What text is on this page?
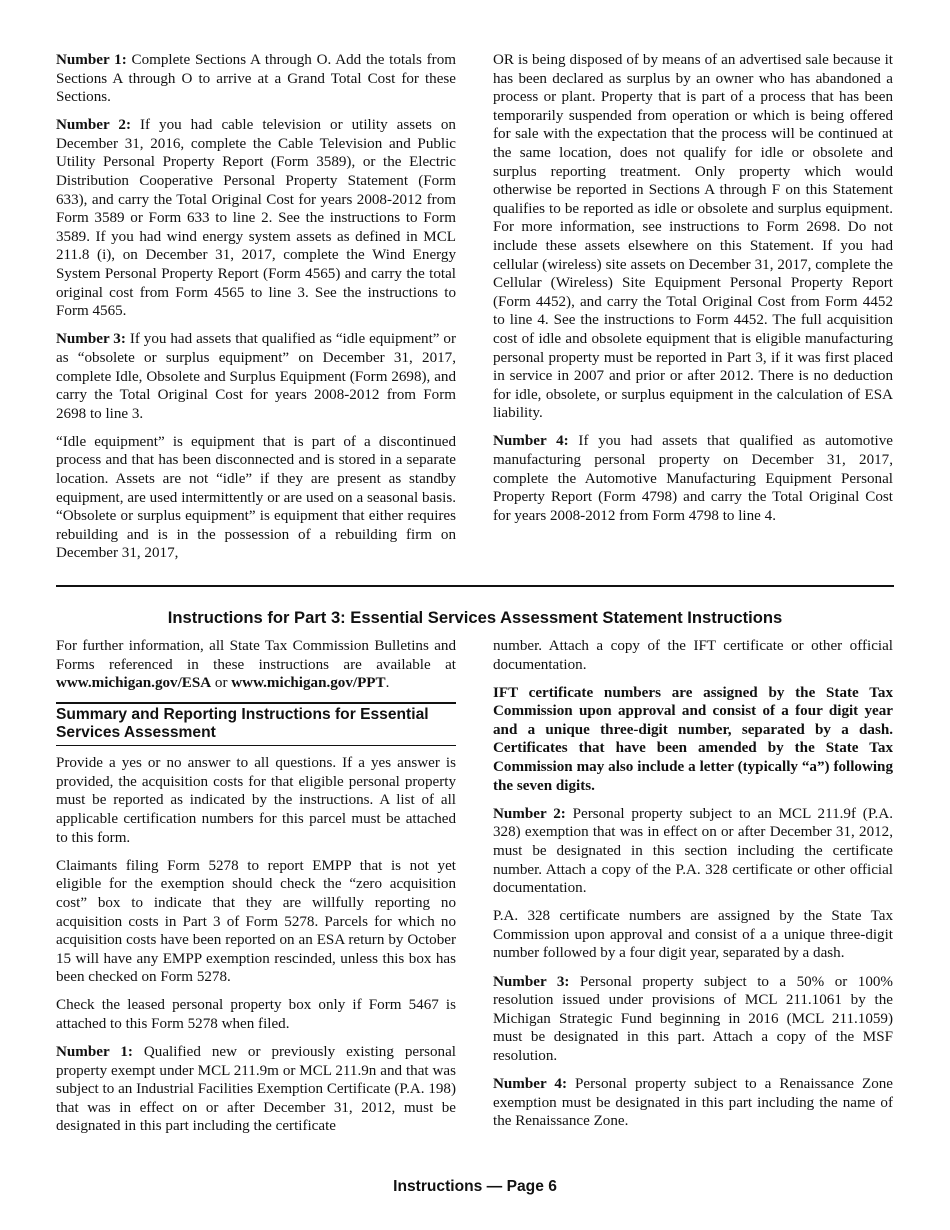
Number 1: Complete Sections A through O. Add the totals from Sections A through O to arrive at a Grand Total Cost for these Sections.

Number 2: If you had cable television or utility assets on December 31, 2016, complete the Cable Television and Public Utility Personal Property Report (Form 3589), or the Electric Distribution Cooperative Personal Property Statement (Form 633), and carry the Total Original Cost for years 2008-2012 from Form 3589 or Form 633 to line 2. See the instructions to Form 3589. If you had wind energy system assets as defined in MCL 211.8 (i), on December 31, 2017, complete the Wind Energy System Personal Property Report (Form 4565) and carry the total original cost from Form 4565 to line 3. See the instructions to Form 4565.

Number 3: If you had assets that qualified as “idle equipment” or as “obsolete or surplus equipment” on December 31, 2017, complete Idle, Obsolete and Surplus Equipment (Form 2698), and carry the Total Original Cost for years 2008-2012 from Form 2698 to line 3.

“Idle equipment” is equipment that is part of a discontinued process and that has been disconnected and is stored in a separate location. Assets are not “idle” if they are present as standby equipment, are used intermittently or are used on a seasonal basis. “Obsolete or surplus equipment” is equipment that either requires rebuilding and is in the possession of a rebuilding firm on December 31, 2017,

OR is being disposed of by means of an advertised sale because it has been declared as surplus by an owner who has abandoned a process or plant. Property that is part of a process that has been temporarily suspended from operation or which is being offered for sale with the expectation that the process will be continued at the same location, does not qualify for idle or obsolete and surplus reporting treatment. Only property which would otherwise be reported in Sections A through F on this Statement qualifies to be reported as idle or obsolete and surplus equipment. For more information, see instructions to Form 2698. Do not include these assets elsewhere on this Statement. If you had cellular (wireless) site assets on December 31, 2017, complete the Cellular (Wireless) Site Equipment Personal Property Report (Form 4452), and carry the Total Original Cost from Form 4452 to line 4. See the instructions to Form 4452. The full acquisition cost of idle and obsolete equipment that is eligible manufacturing personal property must be reported in Part 3, if it was first placed in service in 2007 and prior or after 2012. There is no deduction for idle, obsolete, or surplus equipment in the calculation of ESA liability.

Number 4: If you had assets that qualified as automotive manufacturing personal property on December 31, 2017, complete the Automotive Manufacturing Equipment Personal Property Report (Form 4798) and carry the Total Original Cost for years 2008-2012 from Form 4798 to line 4.

Instructions for Part 3: Essential Services Assessment Statement Instructions

For further information, all State Tax Commission Bulletins and Forms referenced in these instructions are available at www.michigan.gov/ESA or www.michigan.gov/PPT.

Summary and Reporting Instructions for Essential Services Assessment

Provide a yes or no answer to all questions. If a yes answer is provided, the acquisition costs for that eligible personal property must be reported as indicated by the instructions. A list of all applicable certification numbers for this parcel must be attached to this form.

Claimants filing Form 5278 to report EMPP that is not yet eligible for the exemption should check the “zero acquisition cost” box to indicate that they are willfully reporting no acquisition costs in Part 3 of Form 5278. Parcels for which no acquisition costs have been reported on an ESA return by October 15 will have any EMPP exemption rescinded, unless this box has been checked on Form 5278.

Check the leased personal property box only if Form 5467 is attached to this Form 5278 when filed.

Number 1: Qualified new or previously existing personal property exempt under MCL 211.9m or MCL 211.9n and that was subject to an Industrial Facilities Exemption Certificate (P.A. 198) that was in effect on or after December 31, 2012, must be designated in this part including the certificate

number. Attach a copy of the IFT certificate or other official documentation.

IFT certificate numbers are assigned by the State Tax Commission upon approval and consist of a four digit year and a unique three-digit number, separated by a dash. Certificates that have been amended by the State Tax Commission may also include a letter (typically “a”) following the seven digits.

Number 2: Personal property subject to an MCL 211.9f (P.A. 328) exemption that was in effect on or after December 31, 2012, must be designated in this section including the certificate number. Attach a copy of the P.A. 328 certificate or other official documentation.

P.A. 328 certificate numbers are assigned by the State Tax Commission upon approval and consist of a a unique three-digit number followed by a four digit year, separated by a dash.

Number 3: Personal property subject to a 50% or 100% resolution issued under provisions of MCL 211.1061 by the Michigan Strategic Fund beginning in 2016 (MCL 211.1059) must be designated in this part. Attach a copy of the MSF resolution.

Number 4: Personal property subject to a Renaissance Zone exemption must be designated in this part including the name of the Renaissance Zone.

Instructions — Page 6
